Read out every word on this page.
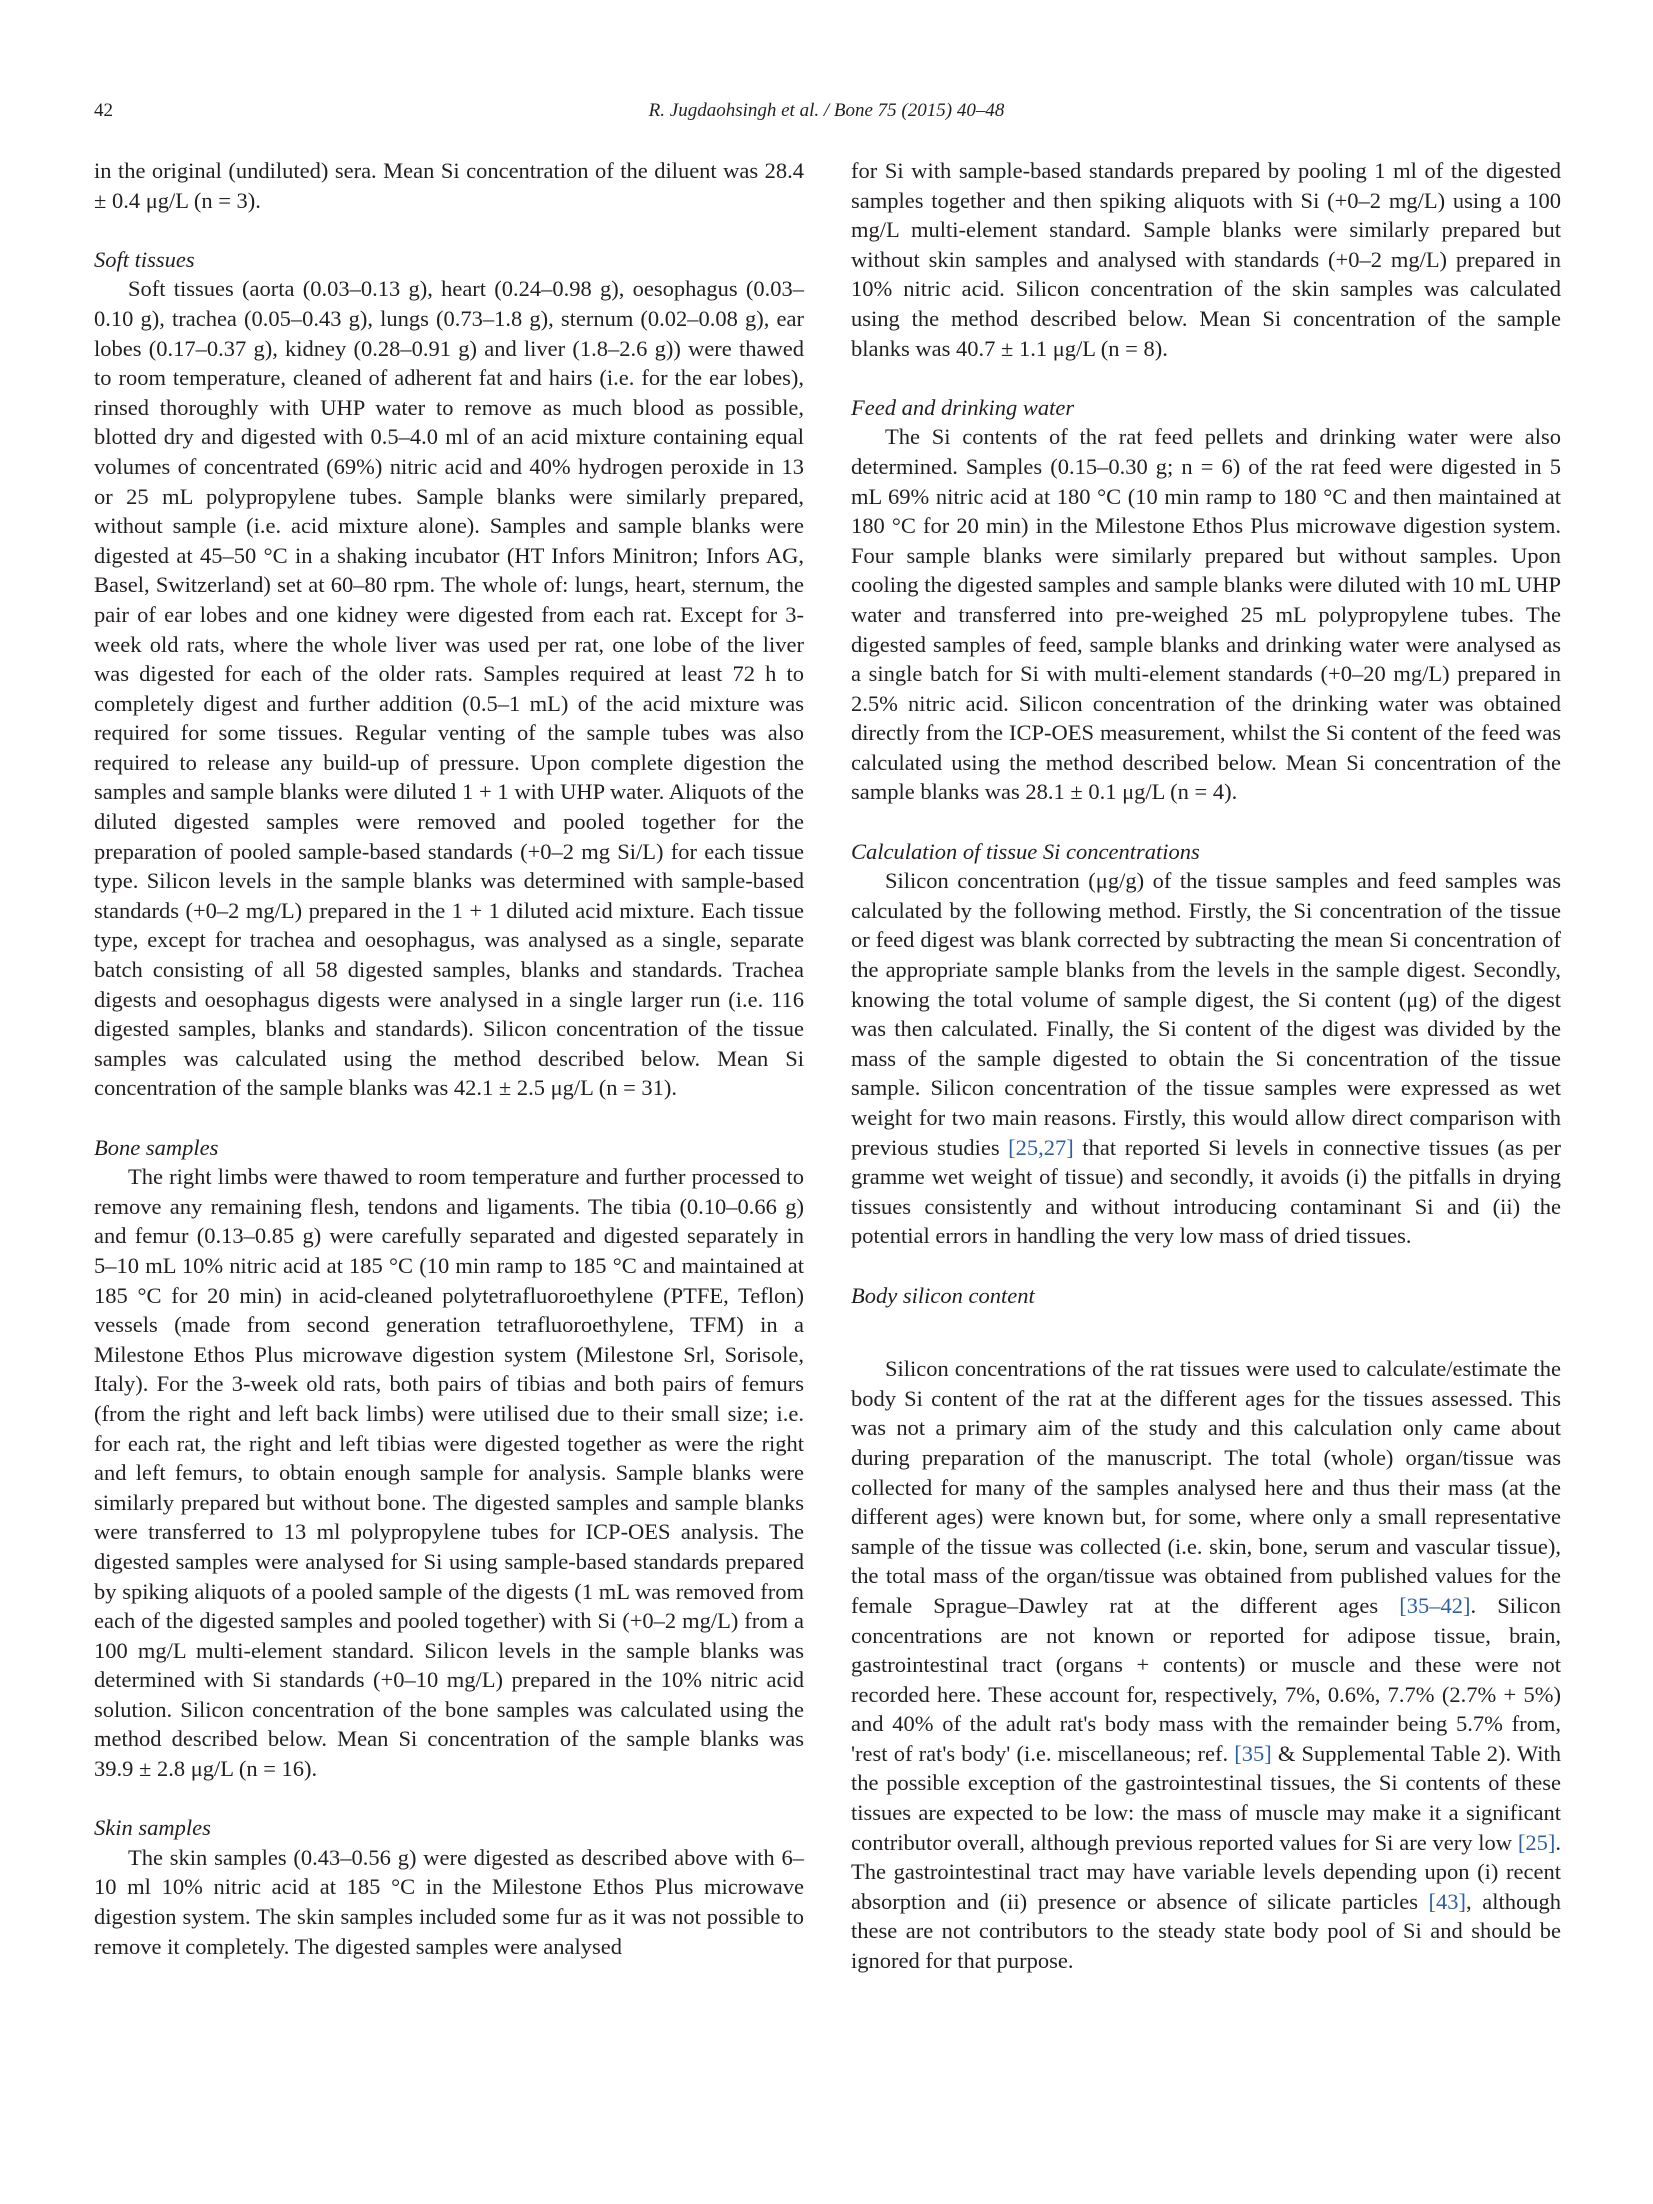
42	R. Jugdaohsingh et al. / Bone 75 (2015) 40–48

in the original (undiluted) sera. Mean Si concentration of the diluent was 28.4 ± 0.4 μg/L (n = 3).

Soft tissues

Soft tissues (aorta (0.03–0.13 g), heart (0.24–0.98 g), oesophagus (0.03–0.10 g), trachea (0.05–0.43 g), lungs (0.73–1.8 g), sternum (0.02–0.08 g), ear lobes (0.17–0.37 g), kidney (0.28–0.91 g) and liver (1.8–2.6 g)) were thawed to room temperature, cleaned of adherent fat and hairs (i.e. for the ear lobes), rinsed thoroughly with UHP water to remove as much blood as possible, blotted dry and digested with 0.5–4.0 ml of an acid mixture containing equal volumes of concentrated (69%) nitric acid and 40% hydrogen peroxide in 13 or 25 mL polypropylene tubes. Sample blanks were similarly prepared, without sample (i.e. acid mixture alone). Samples and sample blanks were digested at 45–50 °C in a shaking incubator (HT Infors Minitron; Infors AG, Basel, Switzerland) set at 60–80 rpm. The whole of: lungs, heart, sternum, the pair of ear lobes and one kidney were digested from each rat. Except for 3-week old rats, where the whole liver was used per rat, one lobe of the liver was digested for each of the older rats. Samples required at least 72 h to completely digest and further addition (0.5–1 mL) of the acid mixture was required for some tissues. Regular venting of the sample tubes was also required to release any build-up of pressure. Upon complete digestion the samples and sample blanks were diluted 1 + 1 with UHP water. Aliquots of the diluted digested samples were removed and pooled together for the preparation of pooled sample-based standards (+0–2 mg Si/L) for each tissue type. Silicon levels in the sample blanks was determined with sample-based standards (+0–2 mg/L) prepared in the 1 + 1 diluted acid mixture. Each tissue type, except for trachea and oesophagus, was analysed as a single, separate batch consisting of all 58 digested samples, blanks and standards. Trachea digests and oesophagus digests were analysed in a single larger run (i.e. 116 digested samples, blanks and standards). Silicon concentration of the tissue samples was calculated using the method described below. Mean Si concentration of the sample blanks was 42.1 ± 2.5 μg/L (n = 31).

Bone samples

The right limbs were thawed to room temperature and further processed to remove any remaining flesh, tendons and ligaments. The tibia (0.10–0.66 g) and femur (0.13–0.85 g) were carefully separated and digested separately in 5–10 mL 10% nitric acid at 185 °C (10 min ramp to 185 °C and maintained at 185 °C for 20 min) in acid-cleaned polytetrafluoroethylene (PTFE, Teflon) vessels (made from second generation tetrafluoroethylene, TFM) in a Milestone Ethos Plus microwave digestion system (Milestone Srl, Sorisole, Italy). For the 3-week old rats, both pairs of tibias and both pairs of femurs (from the right and left back limbs) were utilised due to their small size; i.e. for each rat, the right and left tibias were digested together as were the right and left femurs, to obtain enough sample for analysis. Sample blanks were similarly prepared but without bone. The digested samples and sample blanks were transferred to 13 ml polypropylene tubes for ICP-OES analysis. The digested samples were analysed for Si using sample-based standards prepared by spiking aliquots of a pooled sample of the digests (1 mL was removed from each of the digested samples and pooled together) with Si (+0–2 mg/L) from a 100 mg/L multi-element standard. Silicon levels in the sample blanks was determined with Si standards (+0–10 mg/L) prepared in the 10% nitric acid solution. Silicon concentration of the bone samples was calculated using the method described below. Mean Si concentration of the sample blanks was 39.9 ± 2.8 μg/L (n = 16).

Skin samples

The skin samples (0.43–0.56 g) were digested as described above with 6–10 ml 10% nitric acid at 185 °C in the Milestone Ethos Plus microwave digestion system. The skin samples included some fur as it was not possible to remove it completely. The digested samples were analysed

for Si with sample-based standards prepared by pooling 1 ml of the digested samples together and then spiking aliquots with Si (+0–2 mg/L) using a 100 mg/L multi-element standard. Sample blanks were similarly prepared but without skin samples and analysed with standards (+0–2 mg/L) prepared in 10% nitric acid. Silicon concentration of the skin samples was calculated using the method described below. Mean Si concentration of the sample blanks was 40.7 ± 1.1 μg/L (n = 8).

Feed and drinking water

The Si contents of the rat feed pellets and drinking water were also determined. Samples (0.15–0.30 g; n = 6) of the rat feed were digested in 5 mL 69% nitric acid at 180 °C (10 min ramp to 180 °C and then maintained at 180 °C for 20 min) in the Milestone Ethos Plus microwave digestion system. Four sample blanks were similarly prepared but without samples. Upon cooling the digested samples and sample blanks were diluted with 10 mL UHP water and transferred into pre-weighed 25 mL polypropylene tubes. The digested samples of feed, sample blanks and drinking water were analysed as a single batch for Si with multi-element standards (+0–20 mg/L) prepared in 2.5% nitric acid. Silicon concentration of the drinking water was obtained directly from the ICP-OES measurement, whilst the Si content of the feed was calculated using the method described below. Mean Si concentration of the sample blanks was 28.1 ± 0.1 μg/L (n = 4).

Calculation of tissue Si concentrations

Silicon concentration (μg/g) of the tissue samples and feed samples was calculated by the following method. Firstly, the Si concentration of the tissue or feed digest was blank corrected by subtracting the mean Si concentration of the appropriate sample blanks from the levels in the sample digest. Secondly, knowing the total volume of sample digest, the Si content (μg) of the digest was then calculated. Finally, the Si content of the digest was divided by the mass of the sample digested to obtain the Si concentration of the tissue sample. Silicon concentration of the tissue samples were expressed as wet weight for two main reasons. Firstly, this would allow direct comparison with previous studies [25,27] that reported Si levels in connective tissues (as per gramme wet weight of tissue) and secondly, it avoids (i) the pitfalls in drying tissues consistently and without introducing contaminant Si and (ii) the potential errors in handling the very low mass of dried tissues.

Body silicon content

Silicon concentrations of the rat tissues were used to calculate/estimate the body Si content of the rat at the different ages for the tissues assessed. This was not a primary aim of the study and this calculation only came about during preparation of the manuscript. The total (whole) organ/tissue was collected for many of the samples analysed here and thus their mass (at the different ages) were known but, for some, where only a small representative sample of the tissue was collected (i.e. skin, bone, serum and vascular tissue), the total mass of the organ/tissue was obtained from published values for the female Sprague–Dawley rat at the different ages [35–42]. Silicon concentrations are not known or reported for adipose tissue, brain, gastrointestinal tract (organs + contents) or muscle and these were not recorded here. These account for, respectively, 7%, 0.6%, 7.7% (2.7% + 5%) and 40% of the adult rat's body mass with the remainder being 5.7% from, 'rest of rat's body' (i.e. miscellaneous; ref. [35] & Supplemental Table 2). With the possible exception of the gastrointestinal tissues, the Si contents of these tissues are expected to be low: the mass of muscle may make it a significant contributor overall, although previous reported values for Si are very low [25]. The gastrointestinal tract may have variable levels depending upon (i) recent absorption and (ii) presence or absence of silicate particles [43], although these are not contributors to the steady state body pool of Si and should be ignored for that purpose.
